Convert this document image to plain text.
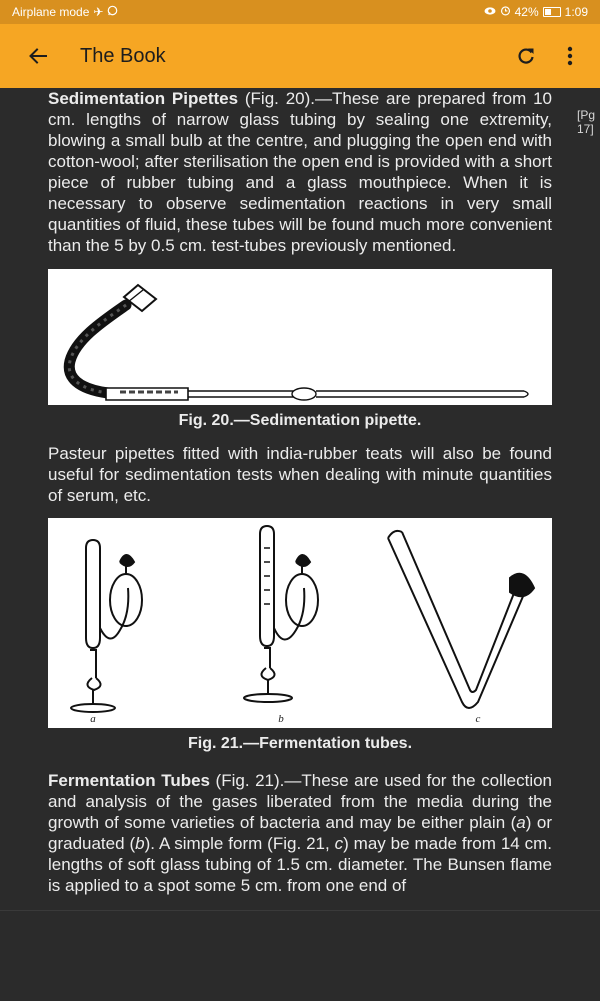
Airplane mode ✈	42% 1:09
The Book
[Pg
17]

Sedimentation Pipettes (Fig. 20).—These are prepared from 10 cm. lengths of narrow glass tubing by sealing one extremity, blowing a small bulb at the centre, and plugging the open end with cotton-wool; after sterilisation the open end is provided with a short piece of rubber tubing and a glass mouthpiece. When it is necessary to observe sedimentation reactions in very small quantities of fluid, these tubes will be found much more convenient than the 5 by 0.5 cm. test-tubes previously mentioned.

Fig. 20.—Sedimentation pipette.

Pasteur pipettes fitted with india-rubber teats will also be found useful for sedimentation tests when dealing with minute quantities of serum, etc.

a	b	c
Fig. 21.—Fermentation tubes.

Fermentation Tubes (Fig. 21).—These are used for the collection and analysis of the gases liberated from the media during the growth of some varieties of bacteria and may be either plain (a) or graduated (b). A simple form (Fig. 21, c) may be made from 14 cm. lengths of soft glass tubing of 1.5 cm. diameter. The Bunsen flame is applied to a spot some 5 cm. from one end of
